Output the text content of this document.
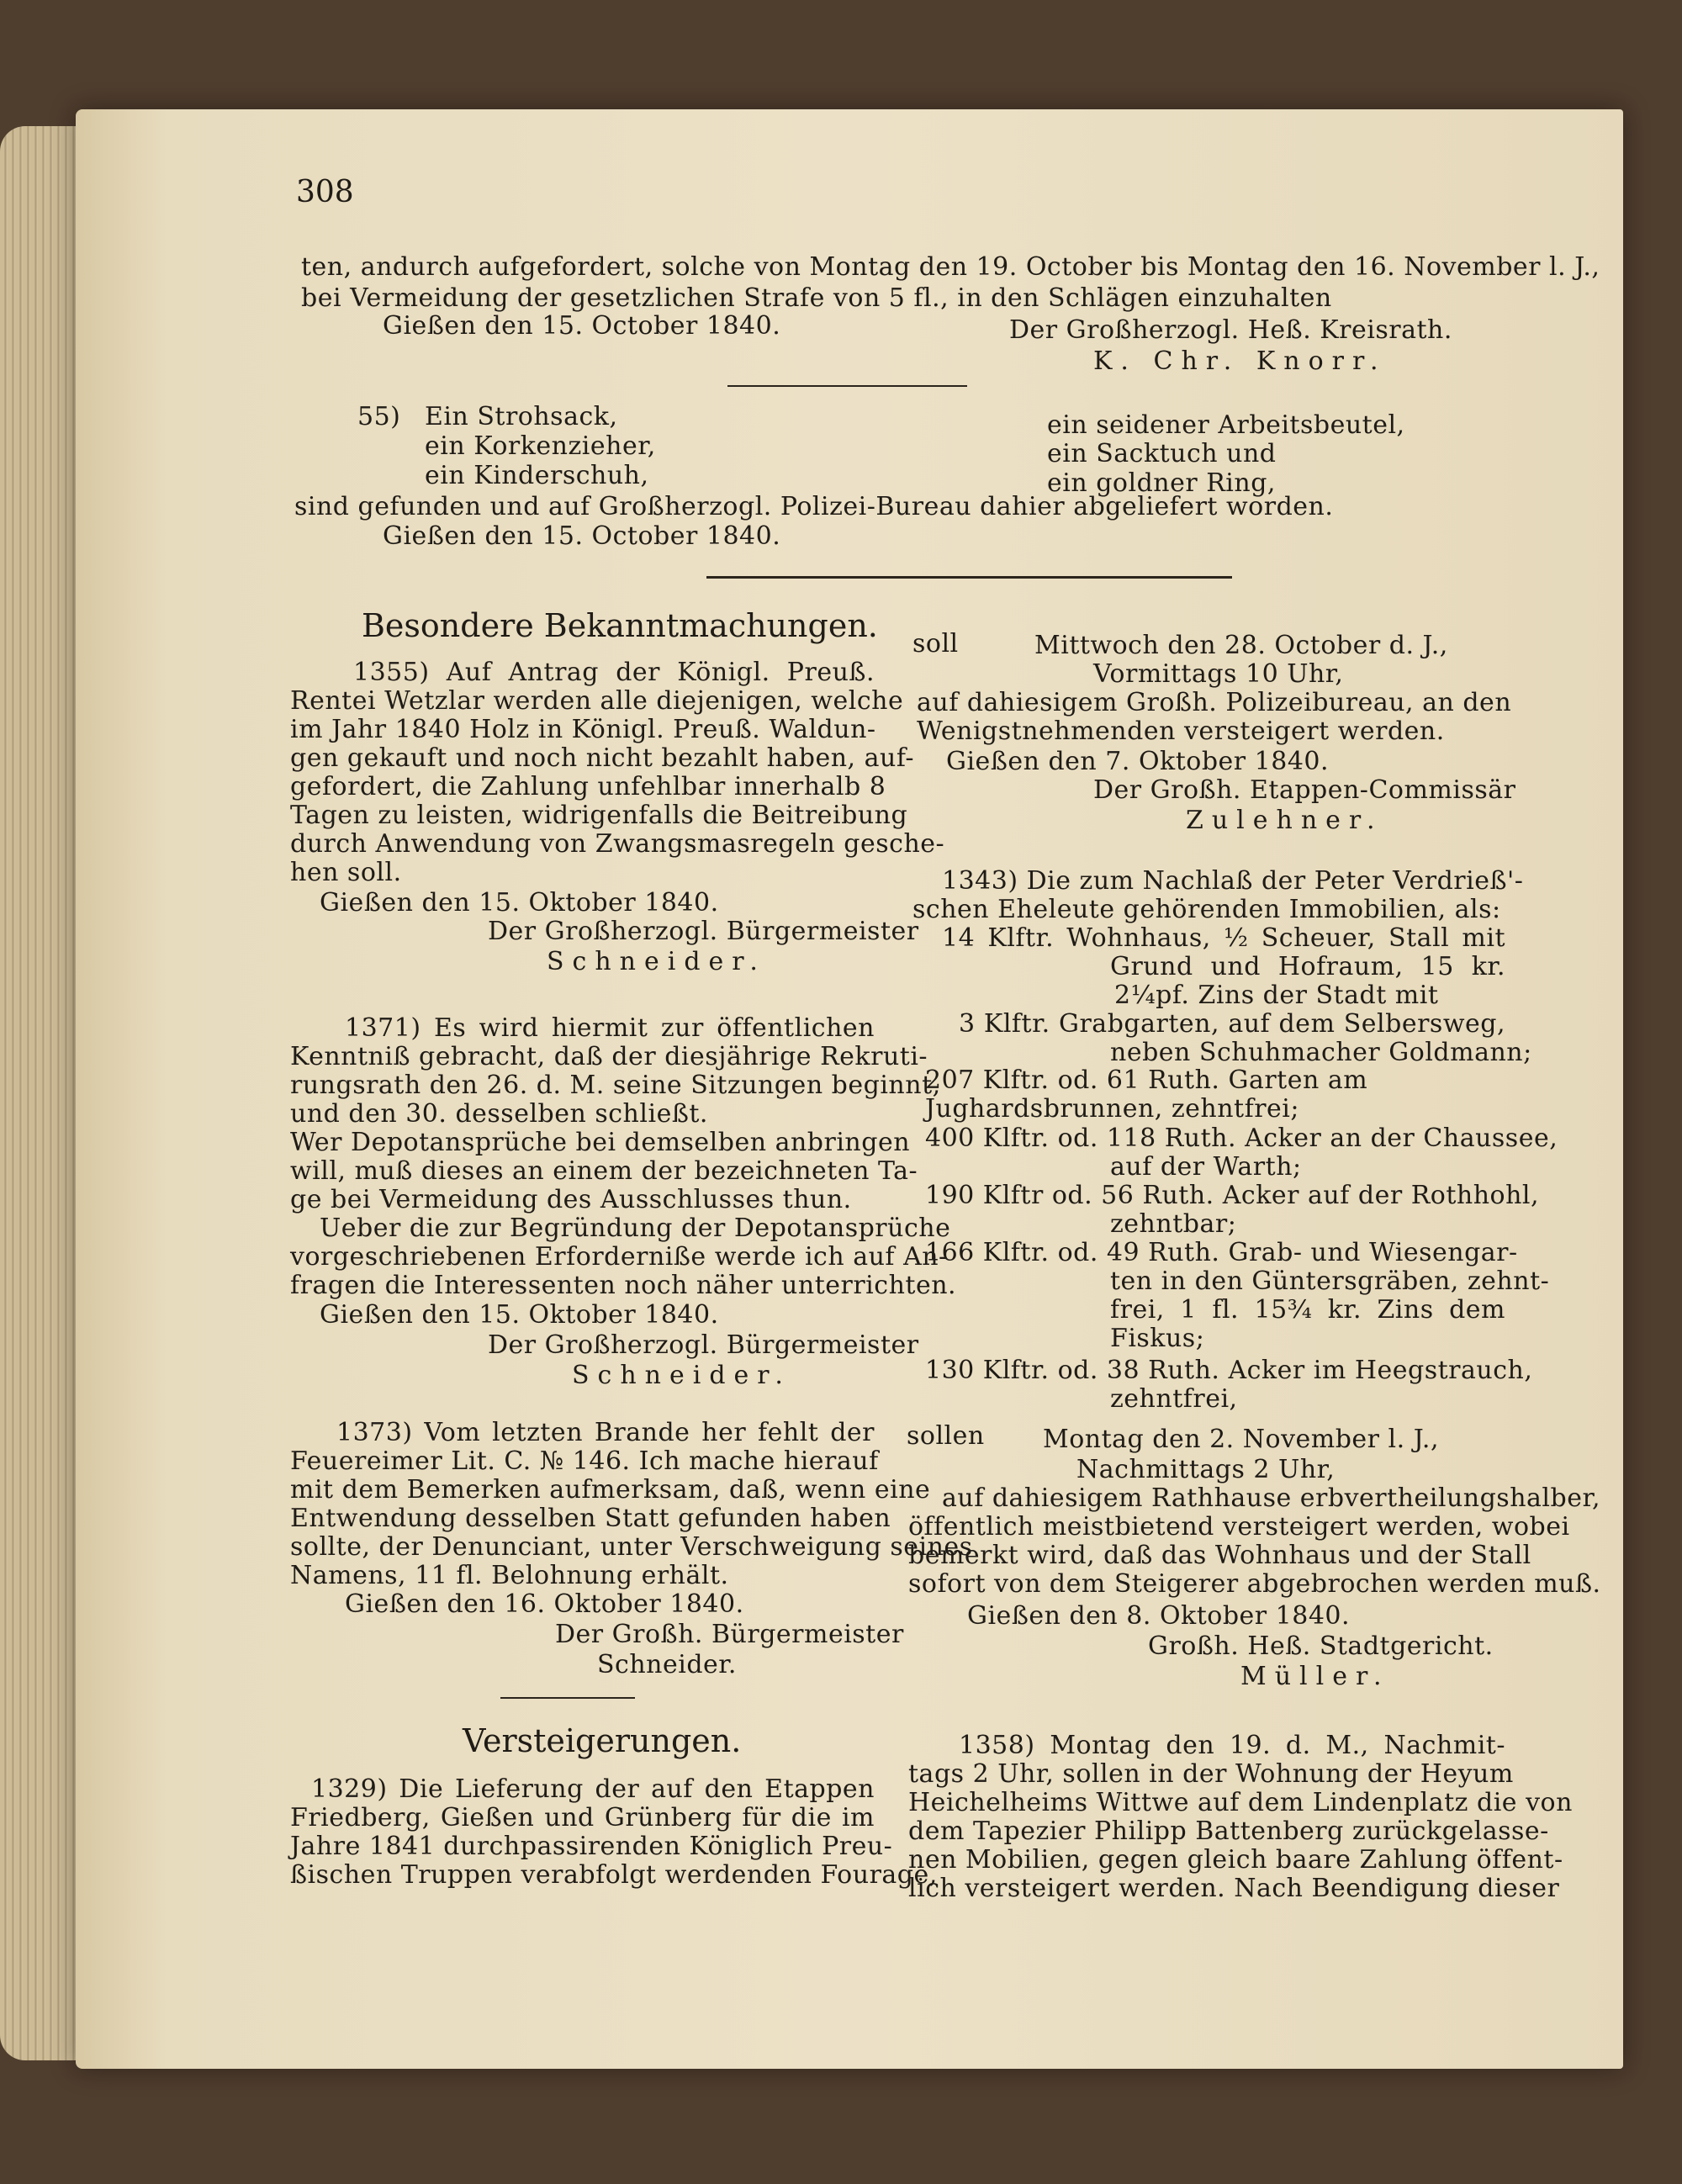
308
ten, andurch aufgefordert, solche von Montag den 19. October bis Montag den 16. November l. J.,
bei Vermeidung der gesetzlichen Strafe von 5 fl., in den Schlägen einzuhalten
Gießen den 15. October 1840.	Der Großherzogl. Heß. Kreisrath.
K. Chr. Knorr.
55) Ein Strohsack,
ein Korkenzieher,
ein Kinderschuh,
ein seidener Arbeitsbeutel,
ein Sacktuch und
ein goldner Ring,
sind gefunden und auf Großherzogl. Polizei-Bureau dahier abgeliefert worden.
Gießen den 15. October 1840.
Besondere Bekanntmachungen.
1355) Auf Antrag der Königl. Preuß.
Rentei Wetzlar werden alle diejenigen, welche
im Jahr 1840 Holz in Königl. Preuß. Waldun-
gen gekauft und noch nicht bezahlt haben, auf-
gefordert, die Zahlung unfehlbar innerhalb 8
Tagen zu leisten, widrigenfalls die Beitreibung
durch Anwendung von Zwangsmasregeln gesche-
hen soll.
Gießen den 15. Oktober 1840.
Der Großherzogl. Bürgermeister
Schneider.
1371) Es wird hiermit zur öffentlichen
Kenntniß gebracht, daß der diesjährige Rekruti-
rungsrath den 26. d. M. seine Sitzungen beginnt,
und den 30. desselben schließt.
Wer Depotansprüche bei demselben anbringen
will, muß dieses an einem der bezeichneten Ta-
ge bei Vermeidung des Ausschlusses thun.
Ueber die zur Begründung der Depotansprüche
vorgeschriebenen Erforderniße werde ich auf An-
fragen die Interessenten noch näher unterrichten.
Gießen den 15. Oktober 1840.
Der Großherzogl. Bürgermeister
Schneider.
1373) Vom letzten Brande her fehlt der
Feuereimer Lit. C. № 146. Ich mache hierauf
mit dem Bemerken aufmerksam, daß, wenn eine
Entwendung desselben Statt gefunden haben
sollte, der Denunciant, unter Verschweigung seines
Namens, 11 fl. Belohnung erhält.
Gießen den 16. Oktober 1840.
Der Großh. Bürgermeister
Schneider.
Versteigerungen.
1329) Die Lieferung der auf den Etappen
Friedberg, Gießen und Grünberg für die im
Jahre 1841 durchpassirenden Königlich Preu-
ßischen Truppen verabfolgt werdenden Fourage,
soll	Mittwoch den 28. October d. J.,
Vormittags 10 Uhr,
auf dahiesigem Großh. Polizeibureau, an den
Wenigstnehmenden versteigert werden.
Gießen den 7. Oktober 1840.
Der Großh. Etappen-Commissär
Zulehner.
1343) Die zum Nachlaß der Peter Verdrieß'-
schen Eheleute gehörenden Immobilien, als:
14 Klftr. Wohnhaus, ½ Scheuer, Stall mit
Grund und Hofraum, 15 kr.
2¼pf. Zins der Stadt mit
3 Klftr. Grabgarten, auf dem Selbersweg,
neben Schuhmacher Goldmann;
207 Klftr. od. 61 Ruth. Garten am Jughardsbrunnen, zehntfrei;
400 Klftr. od. 118 Ruth. Acker an der Chaussee,
auf der Warth;
190 Klftr od. 56 Ruth. Acker auf der Rothhohl,
zehntbar;
166 Klftr. od. 49 Ruth. Grab- und Wiesengar-
ten in den Güntersgräben, zehnt-
frei, 1 fl. 15¾ kr. Zins dem
Fiskus;
130 Klftr. od. 38 Ruth. Acker im Heegstrauch,
zehntfrei,
sollen Montag den 2. November l. J.,
Nachmittags 2 Uhr,
auf dahiesigem Rathhause erbvertheilungshalber,
öffentlich meistbietend versteigert werden, wobei
bemerkt wird, daß das Wohnhaus und der Stall
sofort von dem Steigerer abgebrochen werden muß.
Gießen den 8. Oktober 1840.
Großh. Heß. Stadtgericht.
Müller.
1358) Montag den 19. d. M., Nachmit-
tags 2 Uhr, sollen in der Wohnung der Heyum
Heichelheims Wittwe auf dem Lindenplatz die von
dem Tapezier Philipp Battenberg zurückgelasse-
nen Mobilien, gegen gleich baare Zahlung öffent-
lich versteigert werden. Nach Beendigung dieser
